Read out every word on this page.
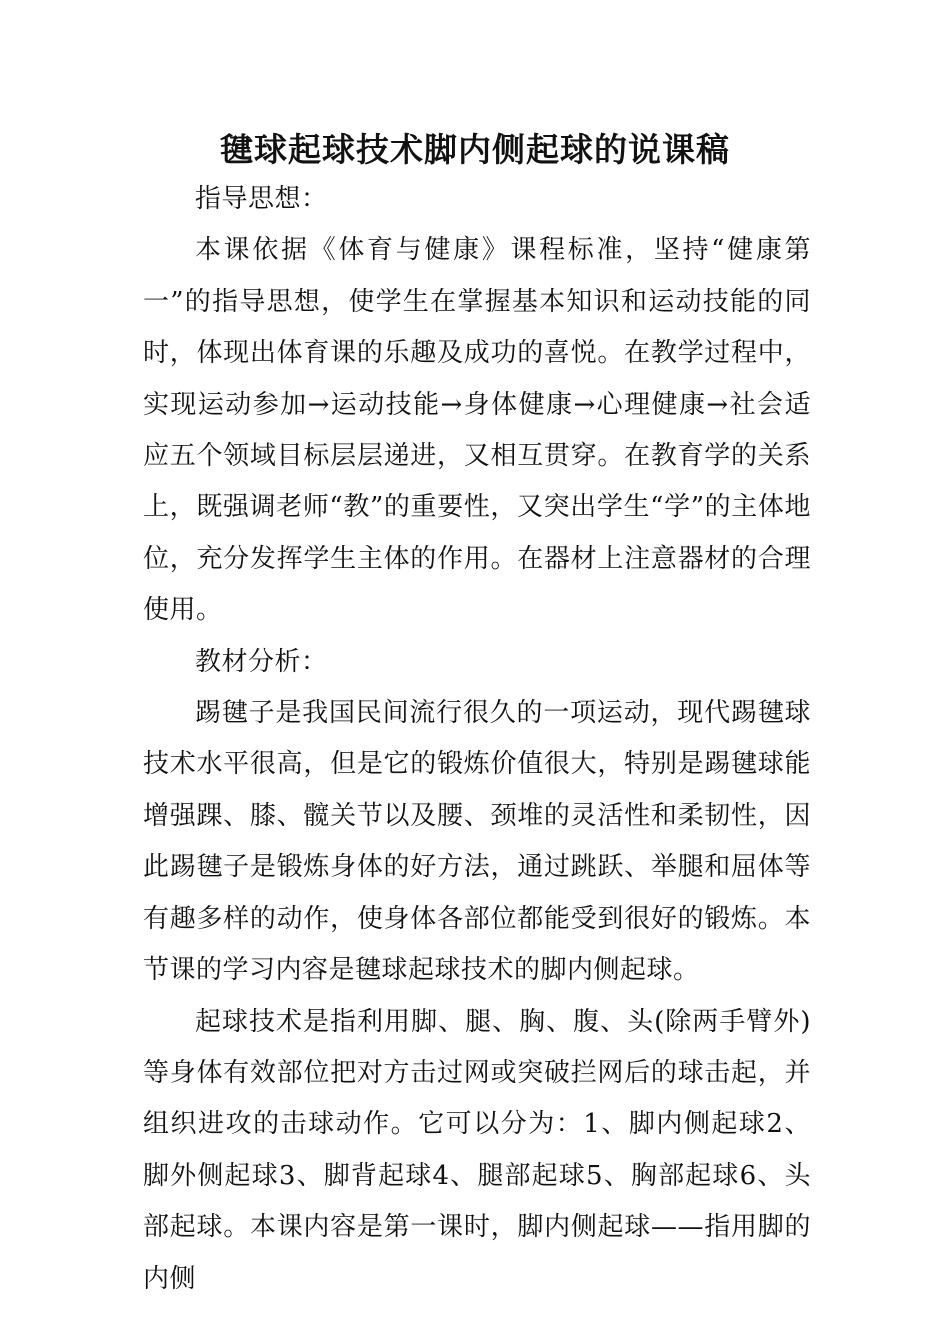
毽球起球技术脚内侧起球的说课稿

指导思想：

本课依据《体育与健康》课程标准，坚持“健康第一”的指导思想，使学生在掌握基本知识和运动技能的同时，体现出体育课的乐趣及成功的喜悦。在教学过程中，实现运动参加→运动技能→身体健康→心理健康→社会适应五个领域目标层层递进，又相互贯穿。在教育学的关系上，既强调老师“教”的重要性，又突出学生“学”的主体地位，充分发挥学生主体的作用。在器材上注意器材的合理使用。

教材分析：

踢毽子是我国民间流行很久的一项运动，现代踢毽球技术水平很高，但是它的锻炼价值很大，特别是踢毽球能增强踝、膝、髋关节以及腰、颈堆的灵活性和柔韧性，因此踢毽子是锻炼身体的好方法，通过跳跃、举腿和屈体等有趣多样的动作，使身体各部位都能受到很好的锻炼。本节课的学习内容是毽球起球技术的脚内侧起球。

起球技术是指利用脚、腿、胸、腹、头(除两手臂外)等身体有效部位把对方击过网或突破拦网后的球击起，并组织进攻的击球动作。它可以分为：1、脚内侧起球2、脚外侧起球3、脚背起球4、腿部起球5、胸部起球6、头部起球。本课内容是第一课时，脚内侧起球——指用脚的内侧
